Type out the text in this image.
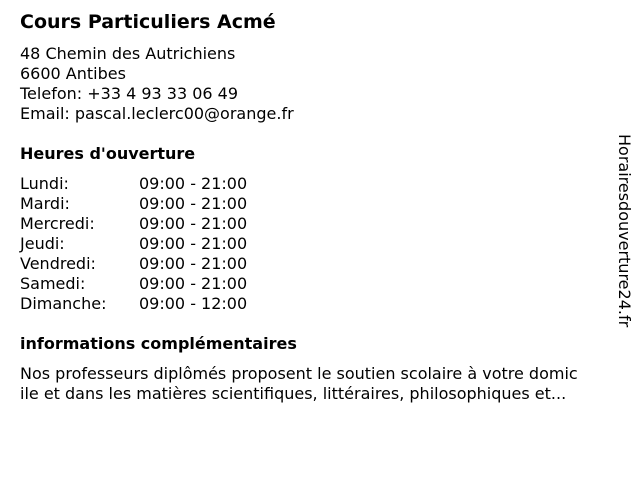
Cours Particuliers Acmé
48 Chemin des Autrichiens
6600 Antibes
Telefon: +33 4 93 33 06 49
Email: pascal.leclerc00@orange.fr
Heures d'ouverture
Lundi:	09:00 - 21:00
Mardi:	09:00 - 21:00
Mercredi:	09:00 - 21:00
Jeudi:	09:00 - 21:00
Vendredi:	09:00 - 21:00
Samedi:	09:00 - 21:00
Dimanche: 09:00 - 12:00
informations complémentaires
Nos professeurs diplômés proposent le soutien scolaire à votre domic
ile et dans les matières scientifiques, littéraires, philosophiques et...
Horairesdouverture24.fr
